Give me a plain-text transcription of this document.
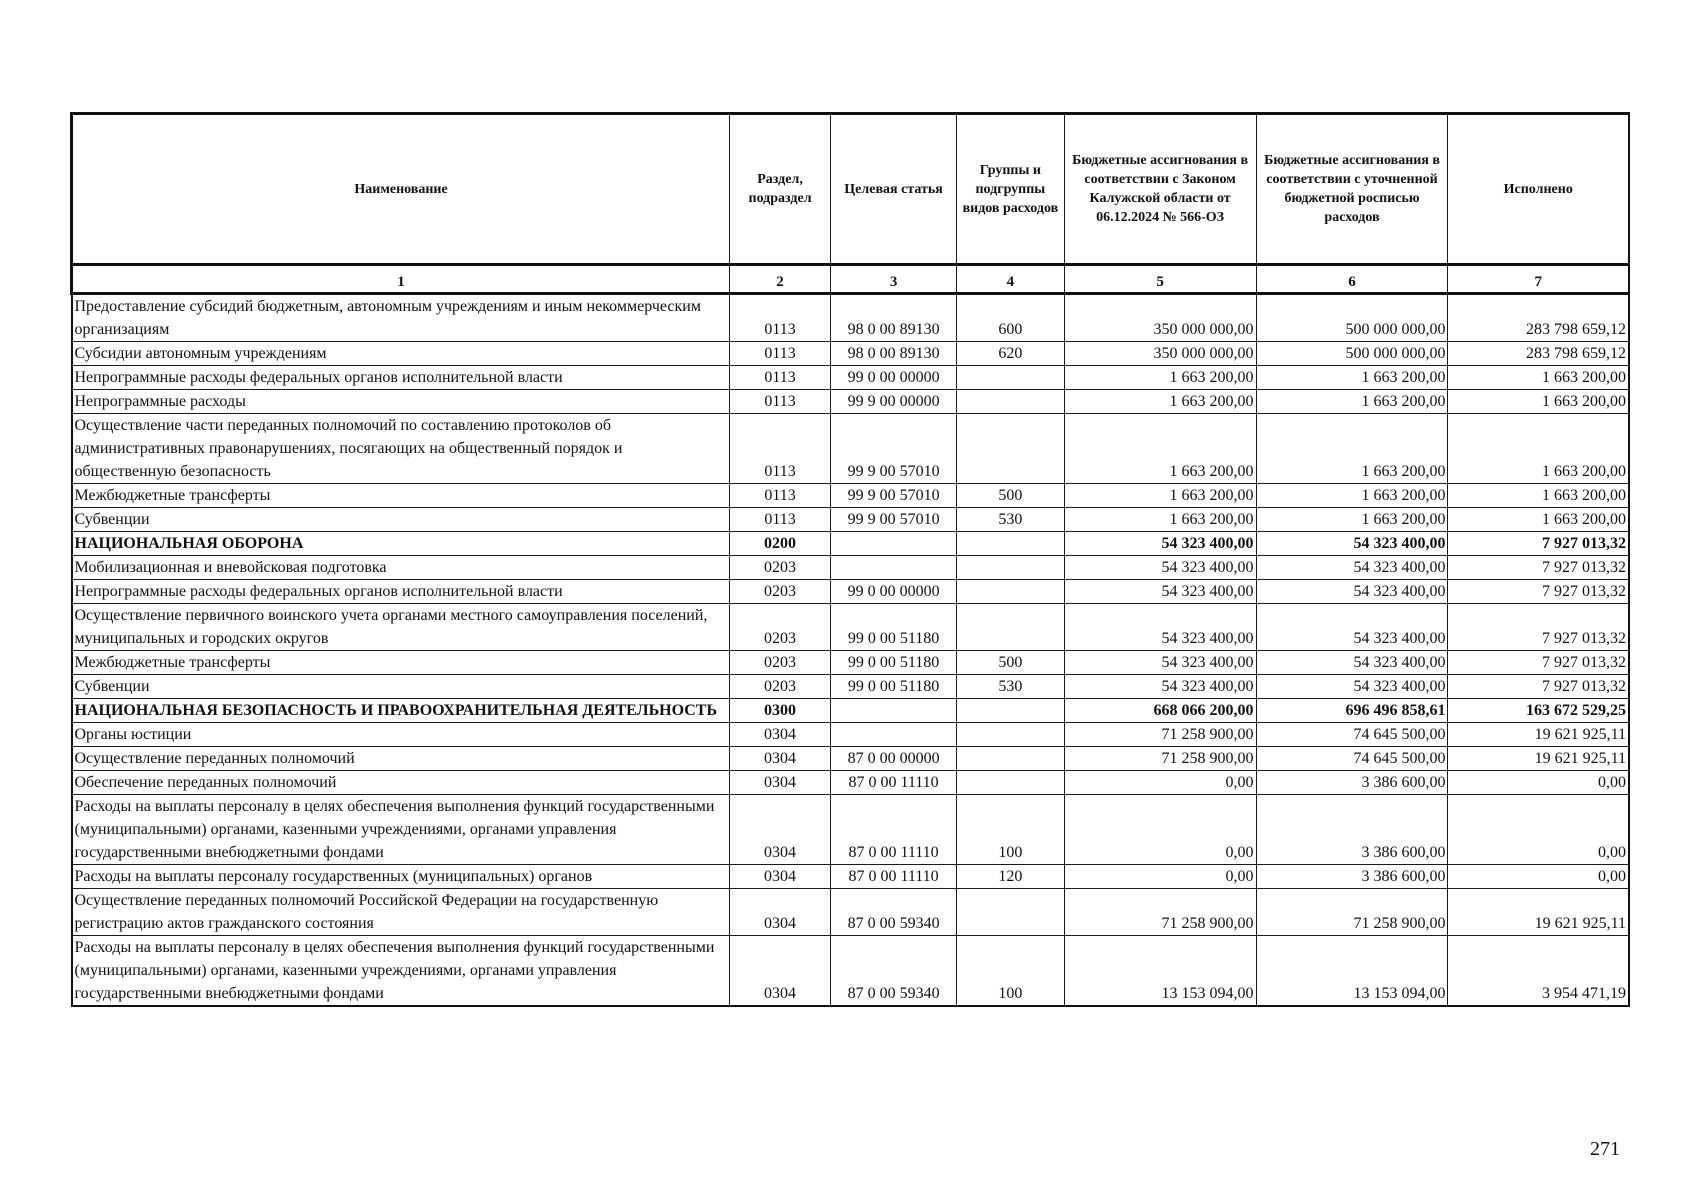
Наименование	Раздел, подраздел	Целевая статья	Группы и подгруппы видов расходов	Бюджетные ассигнования в соответствии с Законом Калужской области от 06.12.2024 № 566-ОЗ	Бюджетные ассигнования в соответствии с уточненной бюджетной росписью расходов	Исполнено
1	2	3	4	5	6	7
Предоставление субсидий бюджетным, автономным учреждениям и иным некоммерческим организациям	0113	98 0 00 89130	600	350 000 000,00	500 000 000,00	283 798 659,12
Субсидии автономным учреждениям	0113	98 0 00 89130	620	350 000 000,00	500 000 000,00	283 798 659,12
Непрограммные расходы федеральных органов исполнительной власти	0113	99 0 00 00000		1 663 200,00	1 663 200,00	1 663 200,00
Непрограммные расходы	0113	99 9 00 00000		1 663 200,00	1 663 200,00	1 663 200,00
Осуществление части переданных полномочий по составлению протоколов об административных правонарушениях, посягающих на общественный порядок и общественную безопасность	0113	99 9 00 57010		1 663 200,00	1 663 200,00	1 663 200,00
Межбюджетные трансферты	0113	99 9 00 57010	500	1 663 200,00	1 663 200,00	1 663 200,00
Субвенции	0113	99 9 00 57010	530	1 663 200,00	1 663 200,00	1 663 200,00
НАЦИОНАЛЬНАЯ ОБОРОНА	0200			54 323 400,00	54 323 400,00	7 927 013,32
Мобилизационная и вневойсковая подготовка	0203			54 323 400,00	54 323 400,00	7 927 013,32
Непрограммные расходы федеральных органов исполнительной власти	0203	99 0 00 00000		54 323 400,00	54 323 400,00	7 927 013,32
Осуществление первичного воинского учета органами местного самоуправления поселений, муниципальных и городских округов	0203	99 0 00 51180		54 323 400,00	54 323 400,00	7 927 013,32
Межбюджетные трансферты	0203	99 0 00 51180	500	54 323 400,00	54 323 400,00	7 927 013,32
Субвенции	0203	99 0 00 51180	530	54 323 400,00	54 323 400,00	7 927 013,32
НАЦИОНАЛЬНАЯ БЕЗОПАСНОСТЬ И ПРАВООХРАНИТЕЛЬНАЯ ДЕЯТЕЛЬНОСТЬ	0300			668 066 200,00	696 496 858,61	163 672 529,25
Органы юстиции	0304			71 258 900,00	74 645 500,00	19 621 925,11
Осуществление переданных полномочий	0304	87 0 00 00000		71 258 900,00	74 645 500,00	19 621 925,11
Обеспечение переданных полномочий	0304	87 0 00 11110		0,00	3 386 600,00	0,00
Расходы на выплаты персоналу в целях обеспечения выполнения функций государственными (муниципальными) органами, казенными учреждениями, органами управления государственными внебюджетными фондами	0304	87 0 00 11110	100	0,00	3 386 600,00	0,00
Расходы на выплаты персоналу государственных (муниципальных) органов	0304	87 0 00 11110	120	0,00	3 386 600,00	0,00
Осуществление переданных полномочий Российской Федерации на государственную регистрацию актов гражданского состояния	0304	87 0 00 59340		71 258 900,00	71 258 900,00	19 621 925,11
Расходы на выплаты персоналу в целях обеспечения выполнения функций государственными (муниципальными) органами, казенными учреждениями, органами управления государственными внебюджетными фондами	0304	87 0 00 59340	100	13 153 094,00	13 153 094,00	3 954 471,19
271
